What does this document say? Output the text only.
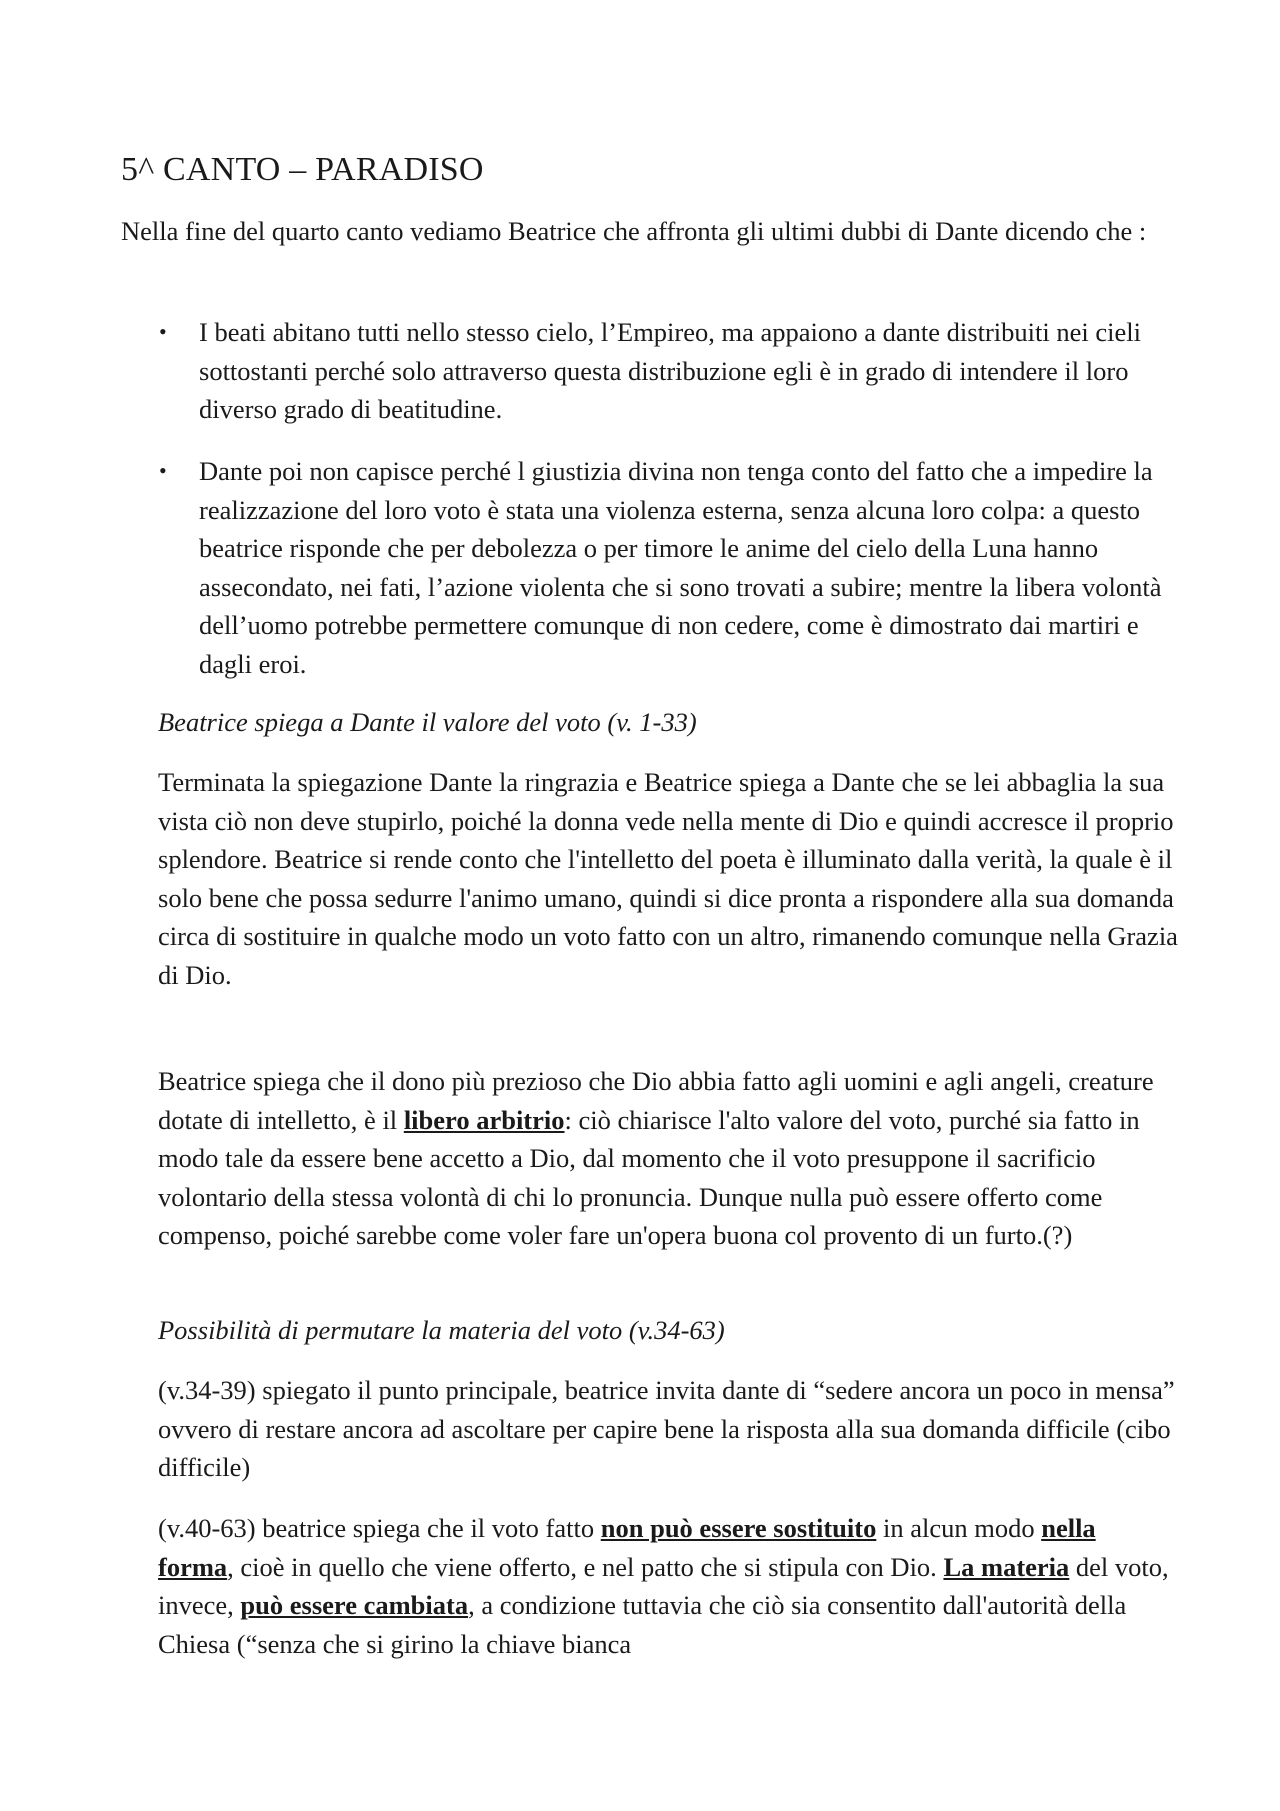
5^ CANTO – PARADISO

Nella fine del quarto canto vediamo Beatrice che affronta gli ultimi dubbi di Dante dicendo che :

• I beati abitano tutti nello stesso cielo, l’Empireo, ma appaiono a dante distribuiti nei cieli sottostanti perché solo attraverso questa distribuzione egli è in grado di intendere il loro diverso grado di beatitudine.

• Dante poi non capisce perché l giustizia divina non tenga conto del fatto che a impedire la realizzazione del loro voto è stata una violenza esterna, senza alcuna loro colpa: a questo beatrice risponde che per debolezza o per timore le anime del cielo della Luna hanno assecondato, nei fati, l’azione violenta che si sono trovati a subire; mentre la libera volontà dell’uomo potrebbe permettere comunque di non cedere, come è dimostrato dai martiri e dagli eroi.

Beatrice spiega a Dante il valore del voto (v. 1-33)

Terminata la spiegazione Dante la ringrazia e Beatrice spiega a Dante che se lei abbaglia la sua vista ciò non deve stupirlo, poiché la donna vede nella mente di Dio e quindi accresce il proprio splendore. Beatrice si rende conto che l'intelletto del poeta è illuminato dalla verità, la quale è il solo bene che possa sedurre l'animo umano, quindi si dice pronta a rispondere alla sua domanda circa di sostituire in qualche modo un voto fatto con un altro, rimanendo comunque nella Grazia di Dio.

Beatrice spiega che il dono più prezioso che Dio abbia fatto agli uomini e agli angeli, creature dotate di intelletto, è il libero arbitrio: ciò chiarisce l'alto valore del voto, purché sia fatto in modo tale da essere bene accetto a Dio, dal momento che il voto presuppone il sacrificio volontario della stessa volontà di chi lo pronuncia. Dunque nulla può essere offerto come compenso, poiché sarebbe come voler fare un'opera buona col provento di un furto.(?)

Possibilità di permutare la materia del voto (v.34-63)

(v.34-39) spiegato il punto principale, beatrice invita dante di “sedere ancora un poco in mensa” ovvero di restare ancora ad ascoltare per capire bene la risposta alla sua domanda difficile (cibo difficile)

(v.40-63) beatrice spiega che il voto fatto non può essere sostituito in alcun modo nella forma, cioè in quello che viene offerto, e nel patto che si stipula con Dio. La materia del voto, invece, può essere cambiata, a condizione tuttavia che ciò sia consentito dall'autorità della Chiesa (“senza che si girino la chiave bianca
